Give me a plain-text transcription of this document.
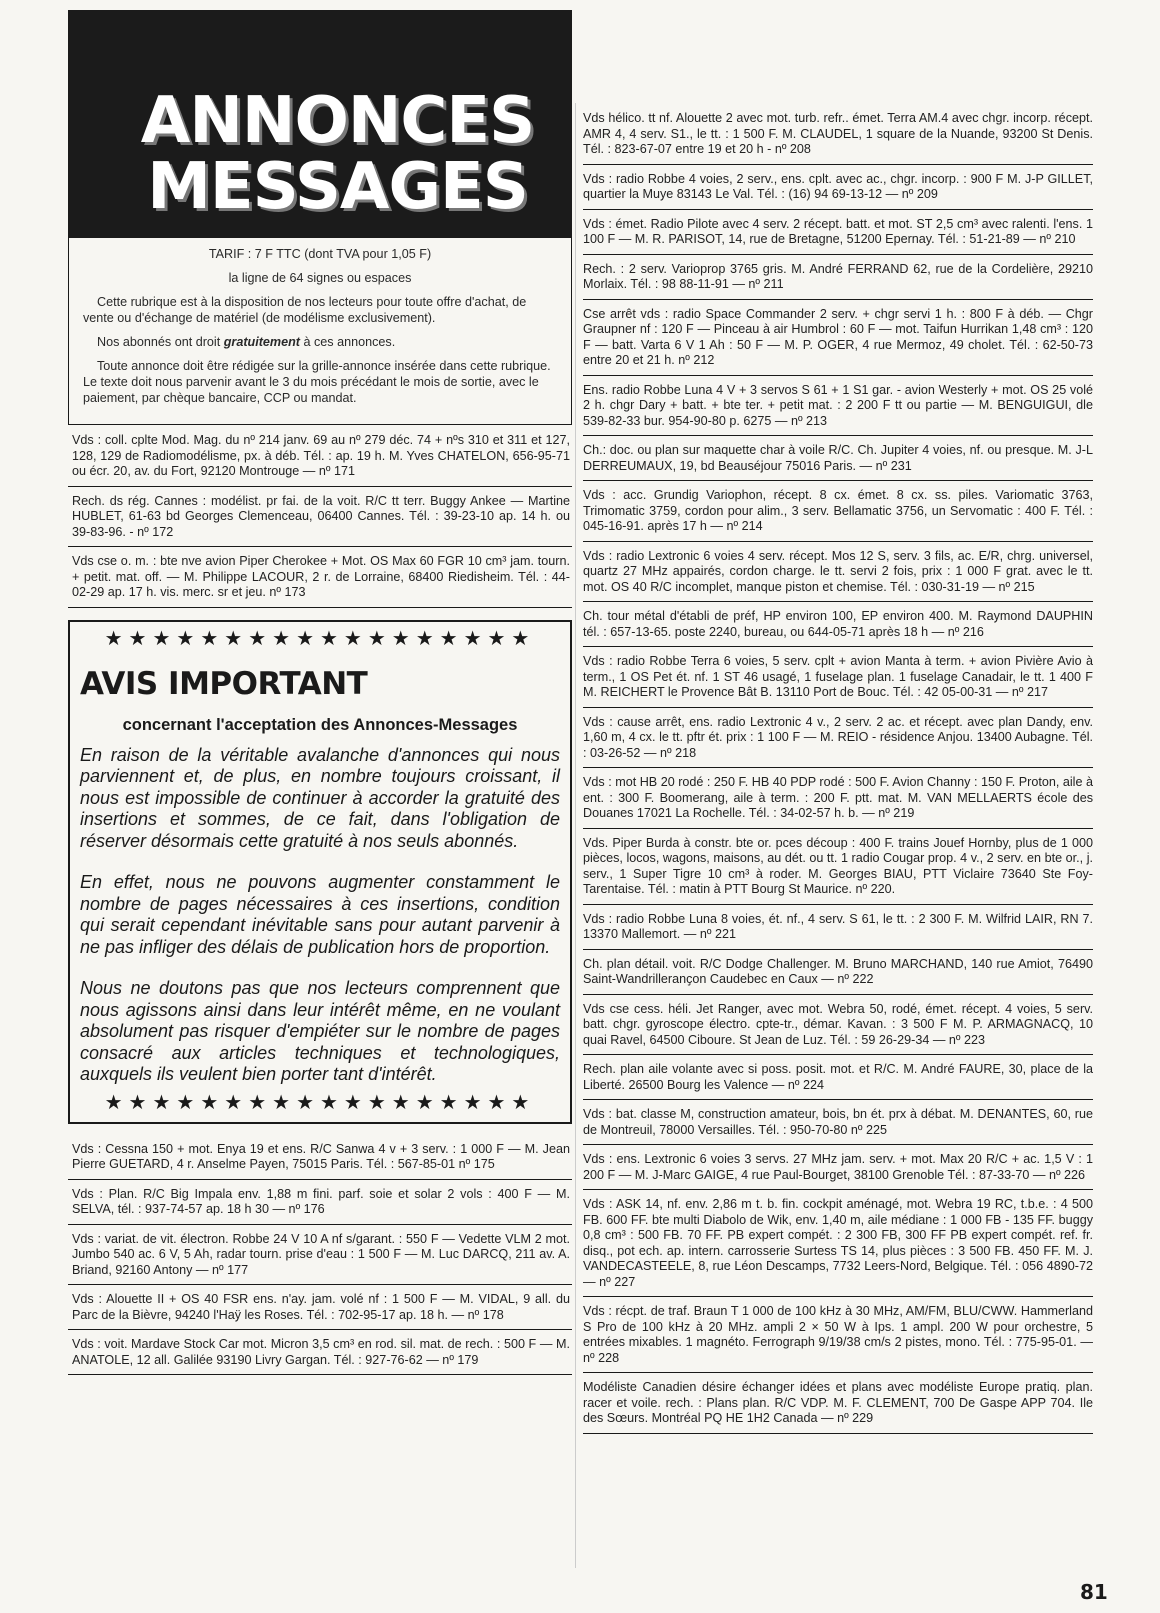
ANNONCES
MESSAGES

TARIF : 7 F TTC (dont TVA pour 1,05 F)

la ligne de 64 signes ou espaces

Cette rubrique est à la disposition de nos lecteurs pour toute offre d'achat, de vente ou d'échange de matériel (de modélisme exclusivement).

Nos abonnés ont droit gratuitement à ces annonces.

Toute annonce doit être rédigée sur la grille-annonce insérée dans cette rubrique. Le texte doit nous parvenir avant le 3 du mois précédant le mois de sortie, avec le paiement, par chèque bancaire, CCP ou mandat.

Vds : coll. cplte Mod. Mag. du nº 214 janv. 69 au nº 279 déc. 74 + nºs 310 et 311 et 127, 128, 129 de Radiomodélisme, px. à déb. Tél. : ap. 19 h. M. Yves CHATELON, 656-95-71 ou écr. 20, av. du Fort, 92120 Montrouge — nº 171
Rech. ds rég. Cannes : modélist. pr fai. de la voit. R/C tt terr. Buggy Ankee — Martine HUBLET, 61-63 bd Georges Clemenceau, 06400 Cannes. Tél. : 39-23-10 ap. 14 h. ou 39-83-96. - nº 172
Vds cse o. m. : bte nve avion Piper Cherokee + Mot. OS Max 60 FGR 10 cm³ jam. tourn. + petit. mat. off. — M. Philippe LACOUR, 2 r. de Lorraine, 68400 Riedisheim. Tél. : 44-02-29 ap. 17 h. vis. merc. sr et jeu. nº 173
★★★★★★★★★★★★★★★★★★
AVIS IMPORTANT
concernant l'acceptation des Annonces-Messages

En raison de la véritable avalanche d'annonces qui nous parviennent et, de plus, en nombre toujours croissant, il nous est impossible de continuer à accorder la gratuité des insertions et sommes, de ce fait, dans l'obligation de réserver désormais cette gratuité à nos seuls abonnés.

En effet, nous ne pouvons augmenter constamment le nombre de pages nécessaires à ces insertions, condition qui serait cependant inévitable sans pour autant parvenir à ne pas infliger des délais de publication hors de proportion.

Nous ne doutons pas que nos lecteurs comprennent que nous agissons ainsi dans leur intérêt même, en ne voulant absolument pas risquer d'empiéter sur le nombre de pages consacré aux articles techniques et technologiques, auxquels ils veulent bien porter tant d'intérêt.

★★★★★★★★★★★★★★★★★★
Vds : Cessna 150 + mot. Enya 19 et ens. R/C Sanwa 4 v + 3 serv. : 1 000 F — M. Jean Pierre GUETARD, 4 r. Anselme Payen, 75015 Paris. Tél. : 567-85-01 nº 175
Vds : Plan. R/C Big Impala env. 1,88 m fini. parf. soie et solar 2 vols : 400 F — M. SELVA, tél. : 937-74-57 ap. 18 h 30 — nº 176
Vds : variat. de vit. électron. Robbe 24 V 10 A nf s/garant. : 550 F — Vedette VLM 2 mot. Jumbo 540 ac. 6 V, 5 Ah, radar tourn. prise d'eau : 1 500 F — M. Luc DARCQ, 211 av. A. Briand, 92160 Antony — nº 177
Vds : Alouette II + OS 40 FSR ens. n'ay. jam. volé nf : 1 500 F — M. VIDAL, 9 all. du Parc de la Bièvre, 94240 l'Haÿ les Roses. Tél. : 702-95-17 ap. 18 h. — nº 178
Vds : voit. Mardave Stock Car mot. Micron 3,5 cm³ en rod. sil. mat. de rech. : 500 F — M. ANATOLE, 12 all. Galilée 93190 Livry Gargan. Tél. : 927-76-62 — nº 179
Vds hélico. tt nf. Alouette 2 avec mot. turb. refr.. émet. Terra AM.4 avec chgr. incorp. récept. AMR 4, 4 serv. S1., le tt. : 1 500 F. M. CLAUDEL, 1 square de la Nuande, 93200 St Denis. Tél. : 823-67-07 entre 19 et 20 h - nº 208
Vds : radio Robbe 4 voies, 2 serv., ens. cplt. avec ac., chgr. incorp. : 900 F M. J-P GILLET, quartier la Muye 83143 Le Val. Tél. : (16) 94 69-13-12 — nº 209
Vds : émet. Radio Pilote avec 4 serv. 2 récept. batt. et mot. ST 2,5 cm³ avec ralenti. l'ens. 1 100 F — M. R. PARISOT, 14, rue de Bretagne, 51200 Epernay. Tél. : 51-21-89 — nº 210
Rech. : 2 serv. Varioprop 3765 gris. M. André FERRAND 62, rue de la Cordelière, 29210 Morlaix. Tél. : 98 88-11-91 — nº 211
Cse arrêt vds : radio Space Commander 2 serv. + chgr servi 1 h. : 800 F à déb. — Chgr Graupner nf : 120 F — Pinceau à air Humbrol : 60 F — mot. Taifun Hurrikan 1,48 cm³ : 120 F — batt. Varta 6 V 1 Ah : 50 F — M. P. OGER, 4 rue Mermoz, 49 cholet. Tél. : 62-50-73 entre 20 et 21 h. nº 212
Ens. radio Robbe Luna 4 V + 3 servos S 61 + 1 S1 gar. - avion Westerly + mot. OS 25 volé 2 h. chgr Dary + batt. + bte ter. + petit mat. : 2 200 F tt ou partie — M. BENGUIGUI, dle 539-82-33 bur. 954-90-80 p. 6275 — nº 213
Ch.: doc. ou plan sur maquette char à voile R/C. Ch. Jupiter 4 voies, nf. ou presque. M. J-L DERREUMAUX, 19, bd Beauséjour 75016 Paris. — nº 231
Vds : acc. Grundig Variophon, récept. 8 cx. émet. 8 cx. ss. piles. Variomatic 3763, Trimomatic 3759, cordon pour alim., 3 serv. Bellamatic 3756, un Servomatic : 400 F. Tél. : 045-16-91. après 17 h — nº 214
Vds : radio Lextronic 6 voies 4 serv. récept. Mos 12 S, serv. 3 fils, ac. E/R, chrg. universel, quartz 27 MHz appairés, cordon charge. le tt. servi 2 fois, prix : 1 000 F grat. avec le tt. mot. OS 40 R/C incomplet, manque piston et chemise. Tél. : 030-31-19 — nº 215
Ch. tour métal d'établi de préf, HP environ 100, EP environ 400. M. Raymond DAUPHIN tél. : 657-13-65. poste 2240, bureau, ou 644-05-71 après 18 h — nº 216
Vds : radio Robbe Terra 6 voies, 5 serv. cplt + avion Manta à term. + avion Pivière Avio à term., 1 OS Pet ét. nf. 1 ST 46 usagé, 1 fuselage plan. 1 fuselage Canadair, le tt. 1 400 F M. REICHERT le Provence Bât B. 13110 Port de Bouc. Tél. : 42 05-00-31 — nº 217
Vds : cause arrêt, ens. radio Lextronic 4 v., 2 serv. 2 ac. et récept. avec plan Dandy, env. 1,60 m, 4 cx. le tt. pftr ét. prix : 1 100 F — M. REIO - résidence Anjou. 13400 Aubagne. Tél. : 03-26-52 — nº 218
Vds : mot HB 20 rodé : 250 F. HB 40 PDP rodé : 500 F. Avion Channy : 150 F. Proton, aile à ent. : 300 F. Boomerang, aile à term. : 200 F. ptt. mat. M. VAN MELLAERTS école des Douanes 17021 La Rochelle. Tél. : 34-02-57 h. b. — nº 219
Vds. Piper Burda à constr. bte or. pces découp : 400 F. trains Jouef Hornby, plus de 1 000 pièces, locos, wagons, maisons, au dét. ou tt. 1 radio Cougar prop. 4 v., 2 serv. en bte or., j. serv., 1 Super Tigre 10 cm³ à roder. M. Georges BIAU, PTT Viclaire 73640 Ste Foy-Tarentaise. Tél. : matin à PTT Bourg St Maurice. nº 220.
Vds : radio Robbe Luna 8 voies, ét. nf., 4 serv. S 61, le tt. : 2 300 F. M. Wilfrid LAIR, RN 7. 13370 Mallemort. — nº 221
Ch. plan détail. voit. R/C Dodge Challenger. M. Bruno MARCHAND, 140 rue Amiot, 76490 Saint-Wandrilleranҫon Caudebec en Caux — nº 222
Vds cse cess. héli. Jet Ranger, avec mot. Webra 50, rodé, émet. récept. 4 voies, 5 serv. batt. chgr. gyroscope électro. cpte-tr., démar. Kavan. : 3 500 F M. P. ARMAGNACQ, 10 quai Ravel, 64500 Ciboure. St Jean de Luz. Tél. : 59 26-29-34 — nº 223
Rech. plan aile volante avec si poss. posit. mot. et R/C. M. André FAURE, 30, place de la Liberté. 26500 Bourg les Valence — nº 224
Vds : bat. classe M, construction amateur, bois, bn ét. prx à débat. M. DENANTES, 60, rue de Montreuil, 78000 Versailles. Tél. : 950-70-80 nº 225
Vds : ens. Lextronic 6 voies 3 servs. 27 MHz jam. serv. + mot. Max 20 R/C + ac. 1,5 V : 1 200 F — M. J-Marc GAIGE, 4 rue Paul-Bourget, 38100 Grenoble Tél. : 87-33-70 — nº 226
Vds : ASK 14, nf. env. 2,86 m t. b. fin. cockpit aménagé, mot. Webra 19 RC, t.b.e. : 4 500 FB. 600 FF. bte multi Diabolo de Wik, env. 1,40 m, aile médiane : 1 000 FB - 135 FF. buggy 0,8 cm³ : 500 FB. 70 FF. PB expert compét. : 2 300 FB, 300 FF PB expert compét. ref. fr. disq., pot ech. ap. intern. carrosserie Surtess TS 14, plus pièces : 3 500 FB. 450 FF. M. J. VANDECASTEELE, 8, rue Léon Descamps, 7732 Leers-Nord, Belgique. Tél. : 056 4890-72 — nº 227
Vds : récpt. de traf. Braun T 1 000 de 100 kHz à 30 MHz, AM/FM, BLU/CWW. Hammerland S Pro de 100 kHz à 20 MHz. ampli 2 × 50 W à Ips. 1 ampl. 200 W pour orchestre, 5 entrées mixables. 1 magnéto. Ferrograph 9/19/38 cm/s 2 pistes, mono. Tél. : 775-95-01. — nº 228
Modéliste Canadien désire échanger idées et plans avec modéliste Europe pratiq. plan. racer et voile. rech. : Plans plan. R/C VDP. M. F. CLEMENT, 700 De Gaspe APP 704. Ile des Sœurs. Montréal PQ HE 1H2 Canada — nº 229
81
